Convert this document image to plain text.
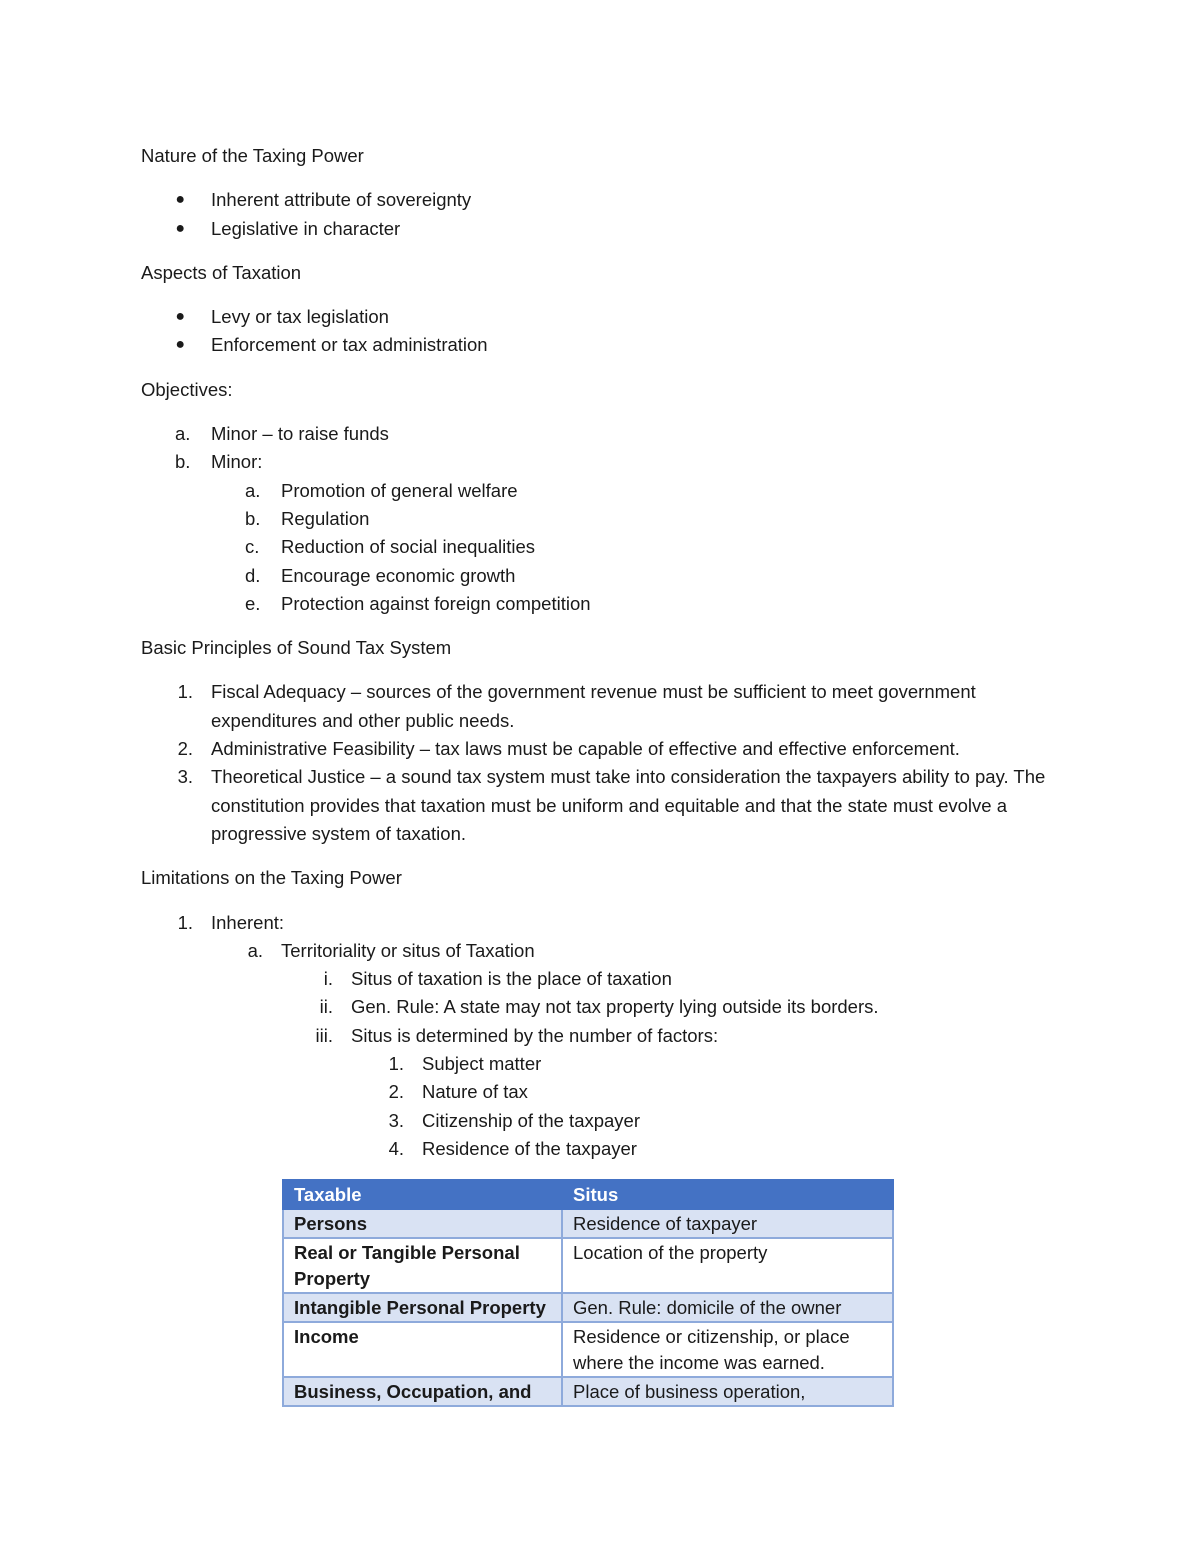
Nature of the Taxing Power
● Inherent attribute of sovereignty
● Legislative in character
Aspects of Taxation
● Levy or tax legislation
● Enforcement or tax administration
Objectives:
a.	Minor – to raise funds
b.	Minor:
a.	Promotion of general welfare
b.	Regulation
c.	Reduction of social inequalities
d.	Encourage economic growth
e.	Protection against foreign competition
Basic Principles of Sound Tax System
1. Fiscal Adequacy – sources of the government revenue must be sufficient to meet government expenditures and other public needs.
2. Administrative Feasibility – tax laws must be capable of effective and effective enforcement.
3. Theoretical Justice – a sound tax system must take into consideration the taxpayers ability to pay. The constitution provides that taxation must be uniform and equitable and that the state must evolve a progressive system of taxation.
Limitations on the Taxing Power
1. Inherent:
a. Territoriality or situs of Taxation
i. Situs of taxation is the place of taxation
ii. Gen. Rule: A state may not tax property lying outside its borders.
iii. Situs is determined by the number of factors:
1. Subject matter
2. Nature of tax
3. Citizenship of the taxpayer
4. Residence of the taxpayer
Taxable	Situs
Persons	Residence of taxpayer
Real or Tangible Personal Property	Location of the property
Intangible Personal Property	Gen. Rule: domicile of the owner
Income	Residence or citizenship, or place where the income was earned.
Business, Occupation, and	Place of business operation,
